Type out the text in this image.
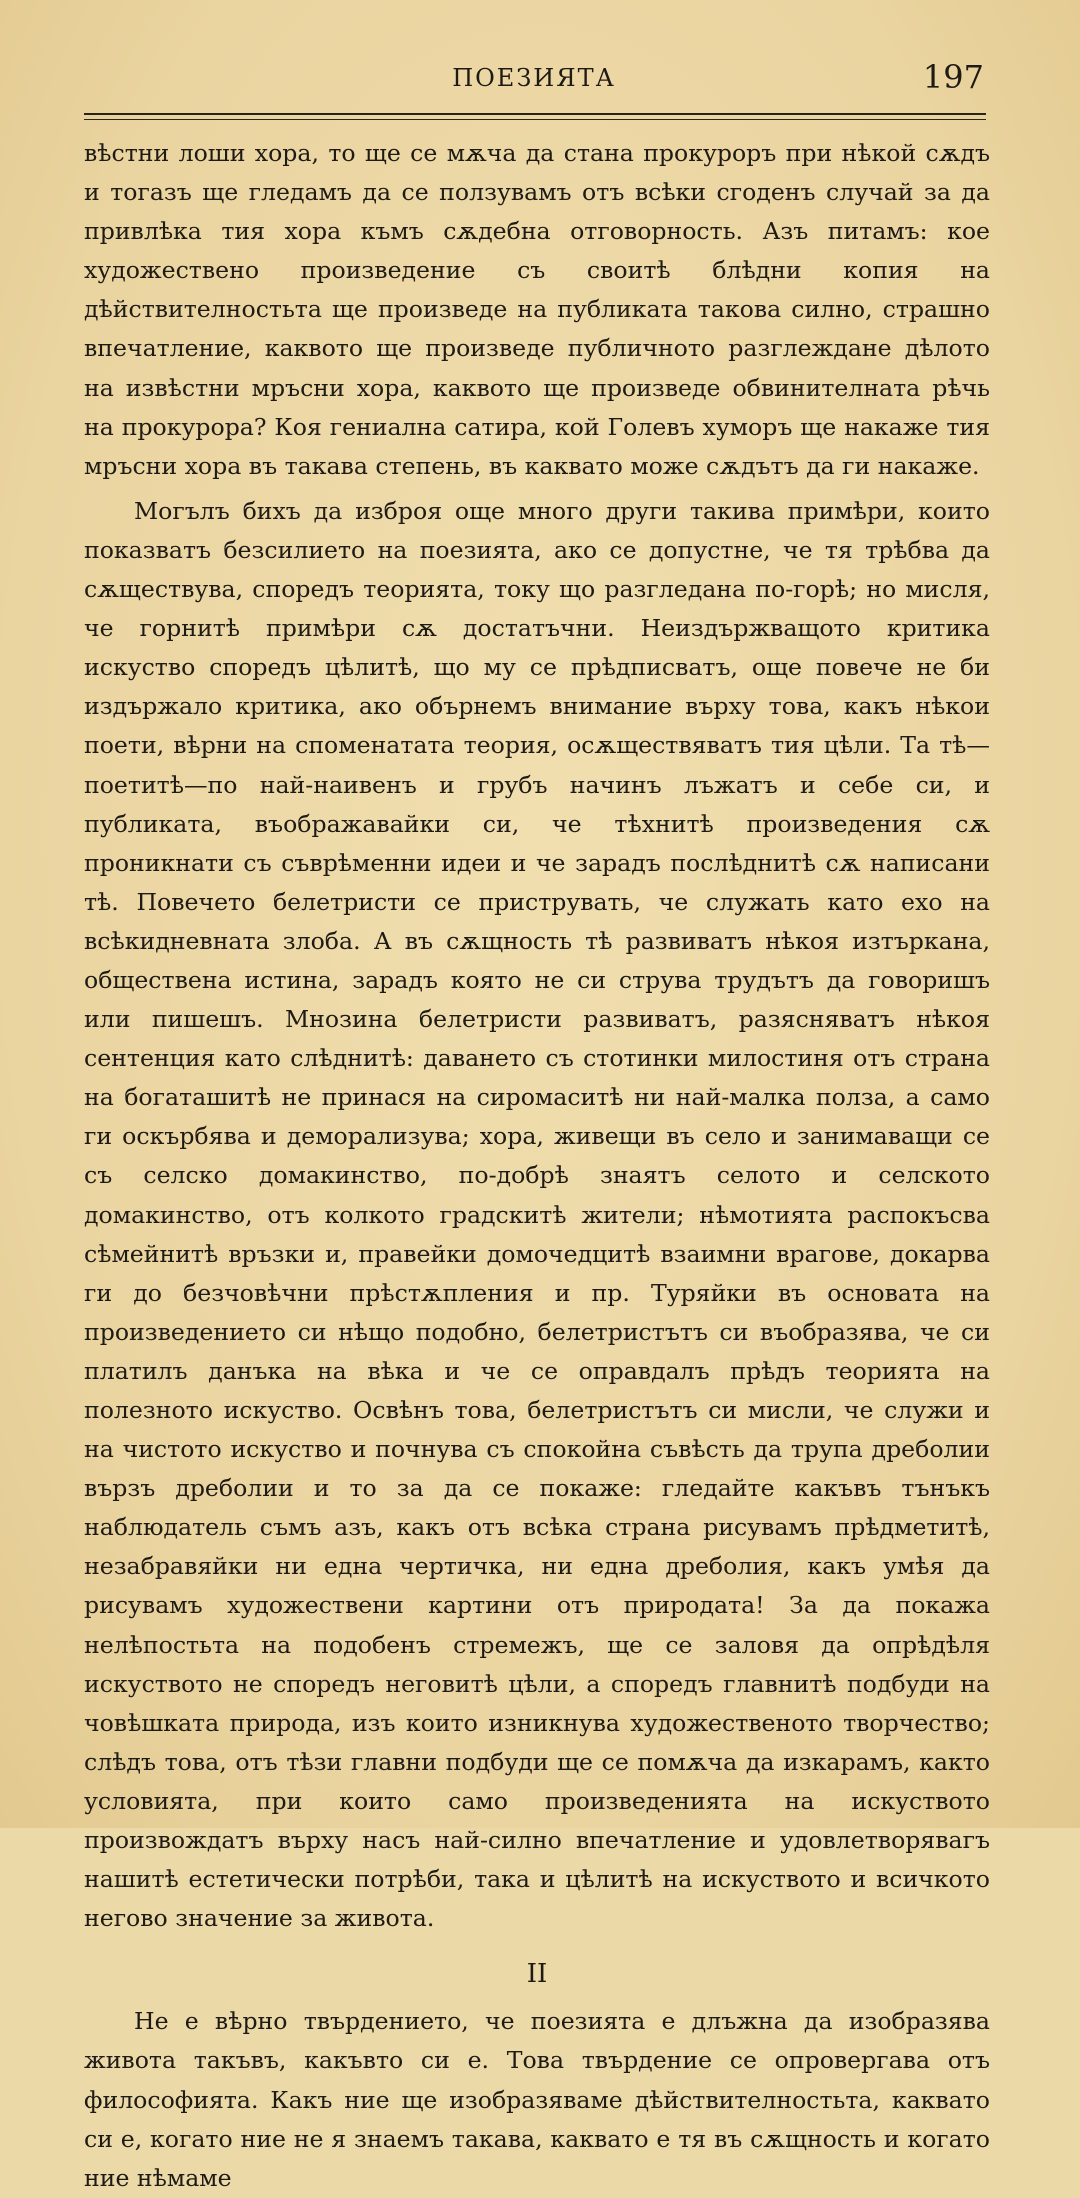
ПОЕЗИЯТА	197

вѣстни лоши хора, то ще се мѫча да стана прокуроръ при нѣкой сѫдъ и тогазъ ще гледамъ да се ползувамъ отъ всѣки сгоденъ случай за да привлѣка тия хора къмъ сѫдебна отговорность. Азъ питамъ: кое художествено произведение съ своитѣ блѣдни копия на дѣйствителностьта ще произведе на публиката такова силно, страшно впечатление, каквото ще произведе публичното разглеждане дѣлото на извѣстни мръсни хора, каквото ще произведе обвинителната рѣчь на прокурора? Коя гениална сатира, кой Голевъ хуморъ ще накаже тия мръсни хора въ такава степень, въ каквато може сѫдътъ да ги накаже.

Могълъ бихъ да изброя още много други такива примѣри, които показватъ безсилието на поезията, ако се допустне, че тя трѣбва да сѫществува, споредъ теорията, току що разгледана по-горѣ; но мисля, че горнитѣ примѣри сѫ достатъчни. Неиздържващото критика искуство споредъ цѣлитѣ, що му се прѣдписватъ, още повече не би издържало критика, ако обърнемъ внимание върху това, какъ нѣкои поети, вѣрни на споменатата теория, осѫществяватъ тия цѣли. Та тѣ—поетитѣ—по най-наивенъ и грубъ начинъ лъжатъ и себе си, и публиката, въображавайки си, че тѣхнитѣ произведения сѫ проникнати съ съврѣменни идеи и че зарадъ послѣднитѣ сѫ написани тѣ. Повечето белетристи се приструвать, че служать като ехо на всѣкидневната злоба. А въ сѫщность тѣ развиватъ нѣкоя изтъркана, обществена истина, зарадъ която не си струва трудътъ да говоришъ или пишешъ. Мнозина белетристи развиватъ, разясняватъ нѣкоя сентенция като слѣднитѣ: даването съ стотинки милостиня отъ страна на богаташитѣ не принася на сиромаситѣ ни най-малка полза, а само ги оскърбява и деморализува; хора, живещи въ село и занимаващи се съ селско домакинство, по-добрѣ знаятъ селото и селското домакинство, отъ колкото градскитѣ жители; нѣмотията распокъсва сѣмейнитѣ връзки и, правейки домочедцитѣ взаимни врагове, докарва ги до безчовѣчни прѣстѫпления и пр. Туряйки въ основата на произведението си нѣщо подобно, белетристътъ си въобразява, че си платилъ данъка на вѣка и че се оправдалъ прѣдъ теорията на полезното искуство. Освѣнъ това, белетристътъ си мисли, че служи и на чистото искуство и почнува съ спокойна съвѣсть да трупа дреболии вързъ дреболии и то за да се покаже: гледайте какъвъ тънъкъ наблюдатель съмъ азъ, какъ отъ всѣка страна рисувамъ прѣдметитѣ, незабравяйки ни една чертичка, ни една дреболия, какъ умѣя да рисувамъ художествени картини отъ природата! За да покажа нелѣпостьта на подобенъ стремежъ, ще се заловя да опрѣдѣля искуството не споредъ неговитѣ цѣли, а споредъ главнитѣ подбуди на човѣшката природа, изъ които изникнува художественото творчество; слѣдъ това, отъ тѣзи главни подбуди ще се помѫча да изкарамъ, както условията, при които само произведенията на искуството произвождатъ върху насъ най-силно впечатление и удовлетворявагъ нашитѣ естетически потрѣби, така и цѣлитѣ на искуството и всичкото негово значение за живота.

II

Не е вѣрно твърдението, че поезията е длъжна да изобразява живота такъвъ, какъвто си е. Това твърдение се опровергава отъ философията. Какъ ние ще изобразяваме дѣйствителностьта, каквато си е, когато ние не я знаемъ такава, каквато е тя въ сѫщность и когато ние нѣмаме
